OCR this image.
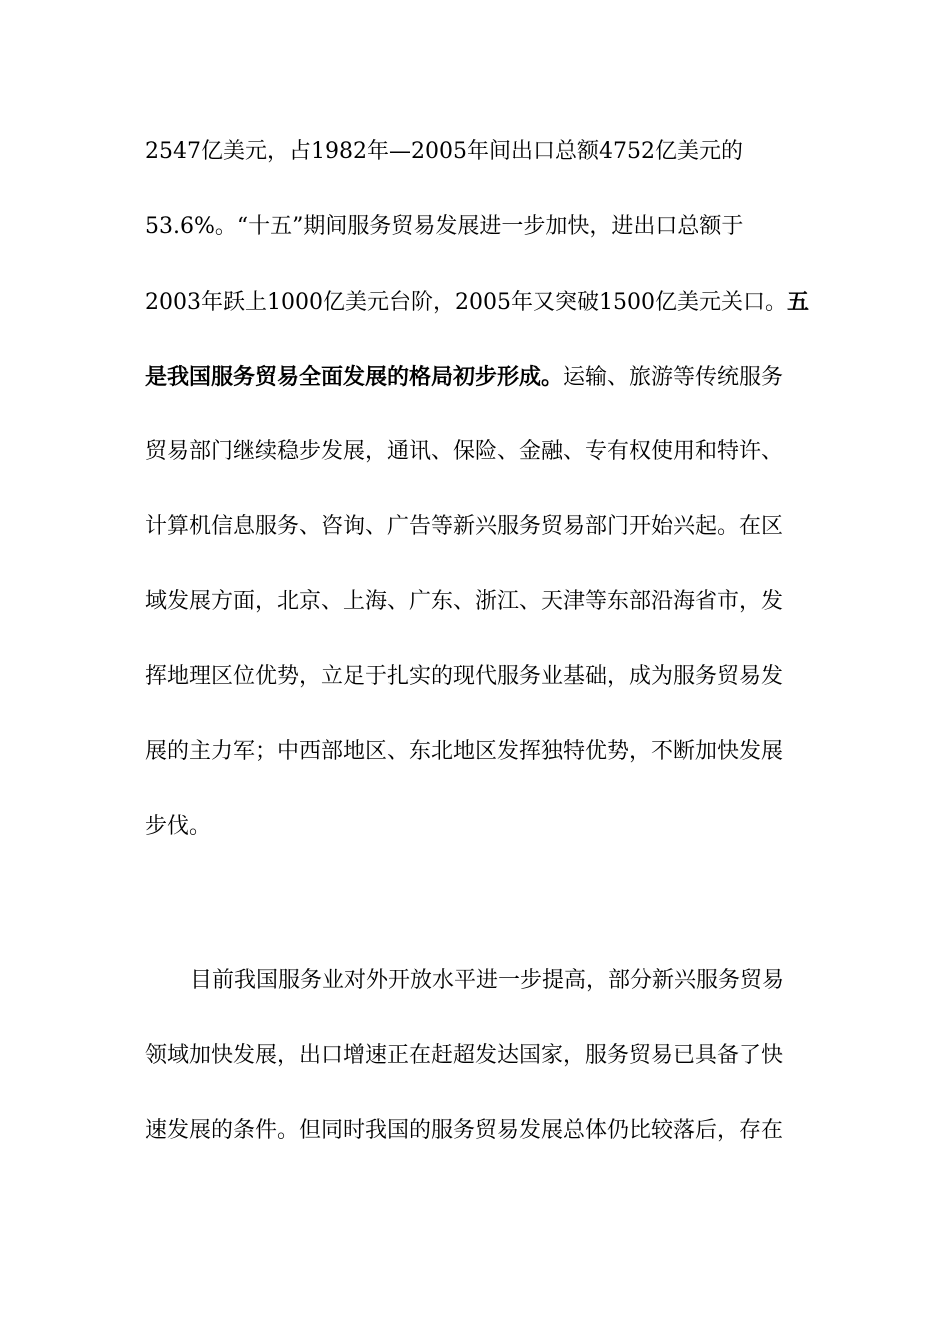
2547亿美元，占1982年—2005年间出口总额4752亿美元的
53.6%。“十五”期间服务贸易发展进一步加快，进出口总额于
2003年跃上1000亿美元台阶，2005年又突破1500亿美元关口。五
是我国服务贸易全面发展的格局初步形成。运输、旅游等传统服务
贸易部门继续稳步发展，通讯、保险、金融、专有权使用和特许、
计算机信息服务、咨询、广告等新兴服务贸易部门开始兴起。在区
域发展方面，北京、上海、广东、浙江、天津等东部沿海省市，发
挥地理区位优势，立足于扎实的现代服务业基础，成为服务贸易发
展的主力军；中西部地区、东北地区发挥独特优势，不断加快发展
步伐。
目前我国服务业对外开放水平进一步提高，部分新兴服务贸易
领域加快发展，出口增速正在赶超发达国家，服务贸易已具备了快
速发展的条件。但同时我国的服务贸易发展总体仍比较落后，存在
